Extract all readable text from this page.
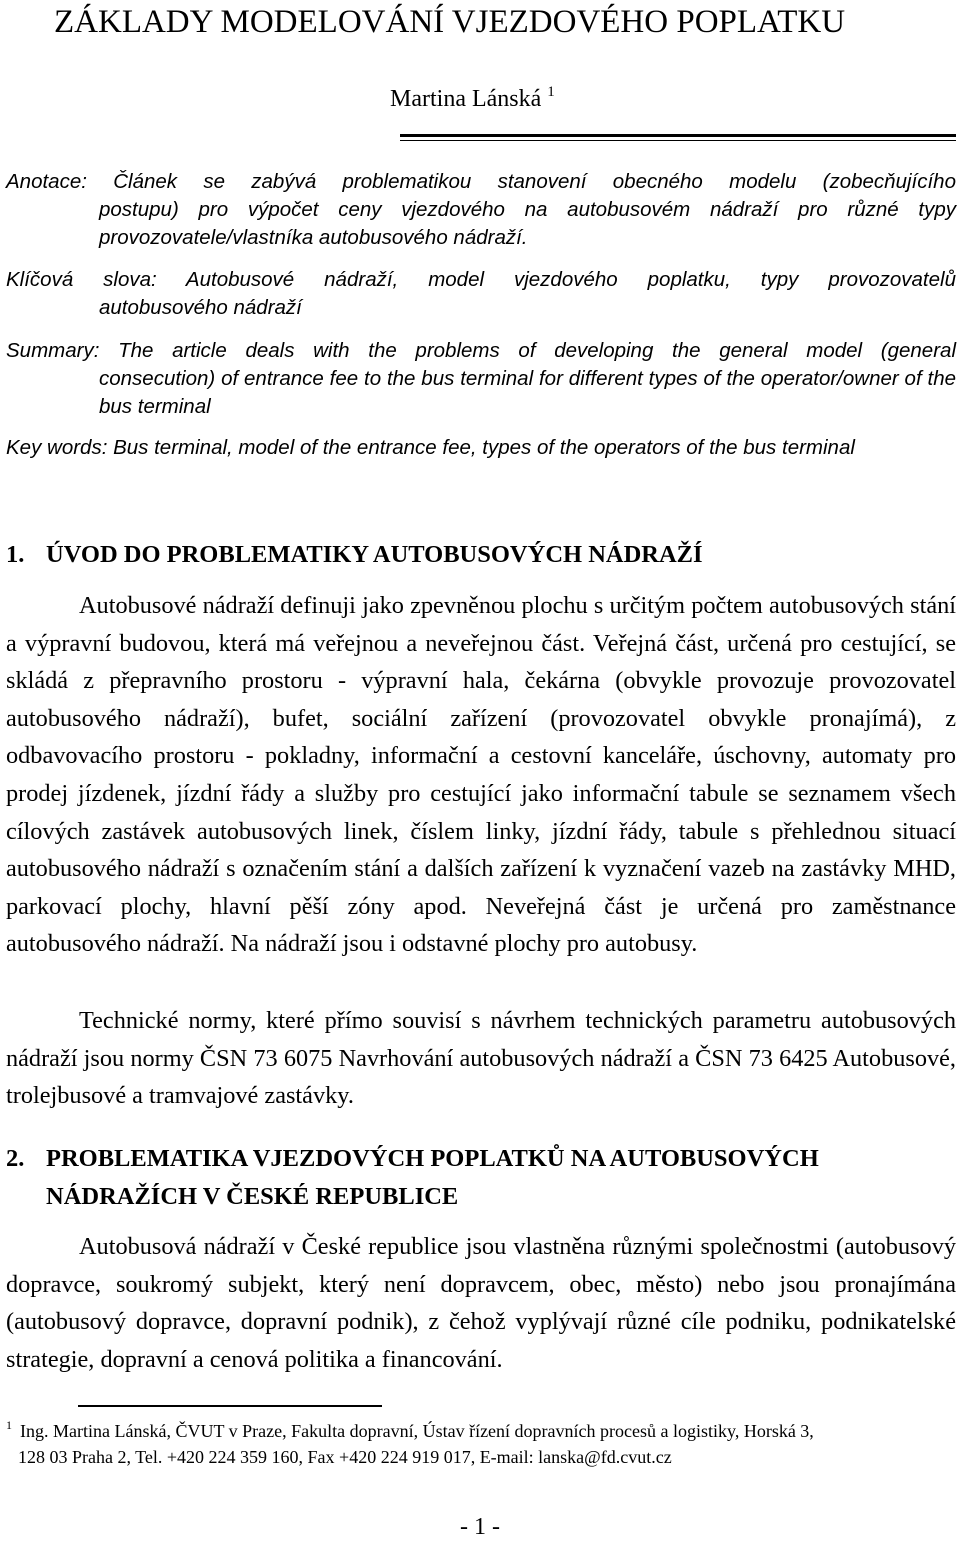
ZÁKLADY MODELOVÁNÍ VJEZDOVÉHO POPLATKU
Martina Lánská $^1$

Anotace: Článek se zabývá problematikou stanovení obecného modelu (zobecňujícího
postupu) pro výpočet ceny vjezdového na autobusovém nádraží pro různé typy provozovatele/vlastníka autobusového nádraží.

Klíčová slova: Autobusové nádraží, model vjezdového poplatku, typy provozovatelů
autobusového nádraží

Summary: The article deals with the problems of developing the general model (general
consecution) of entrance fee to the bus terminal for different types of the operator/owner of the bus terminal

Key words: Bus terminal, model of the entrance fee, types of the operators of the bus terminal

1. ÚVOD DO PROBLEMATIKY AUTOBUSOVÝCH NÁDRAŽÍ

Autobusové nádraží definuji jako zpevněnou plochu s určitým počtem autobusových stání a výpravní budovou, která má veřejnou a neveřejnou část. Veřejná část, určená pro cestující, se skládá z přepravního prostoru - výpravní hala, čekárna (obvykle provozuje provozovatel autobusového nádraží), bufet, sociální zařízení (provozovatel obvykle pronajímá), z odbavovacího prostoru - pokladny, informační a cestovní kanceláře, úschovny, automaty pro prodej jízdenek, jízdní řády a služby pro cestující jako informační tabule se seznamem všech cílových zastávek autobusových linek, číslem linky, jízdní řády, tabule s přehlednou situací autobusového nádraží s označením stání a dalších zařízení k vyznačení vazeb na zastávky MHD, parkovací plochy, hlavní pěší zóny apod. Neveřejná část je určená pro zaměstnance autobusového nádraží. Na nádraží jsou i odstavné plochy pro autobusy.

Technické normy, které přímo souvisí s návrhem technických parametru autobusových nádraží jsou normy ČSN 73 6075 Navrhování autobusových nádraží a ČSN 73 6425 Autobusové, trolejbusové a tramvajové zastávky.

2. PROBLEMATIKA VJEZDOVÝCH POPLATKŮ NA AUTOBUSOVÝCH
NÁDRAŽÍCH V ČESKÉ REPUBLICE

Autobusová nádraží v České republice jsou vlastněna různými společnostmi (autobusový dopravce, soukromý subjekt, který není dopravcem, obec, město) nebo jsou pronajímána (autobusový dopravce, dopravní podnik), z čehož vyplývají různé cíle podniku, podnikatelské strategie, dopravní a cenová politika a financování.

$^1$ Ing. Martina Lánská, ČVUT v Praze, Fakulta dopravní, Ústav řízení dopravních procesů a logistiky, Horská 3,
128 03 Praha 2, Tel. +420 224 359 160, Fax +420 224 919 017, E-mail: lanska@fd.cvut.cz

- 1 -
